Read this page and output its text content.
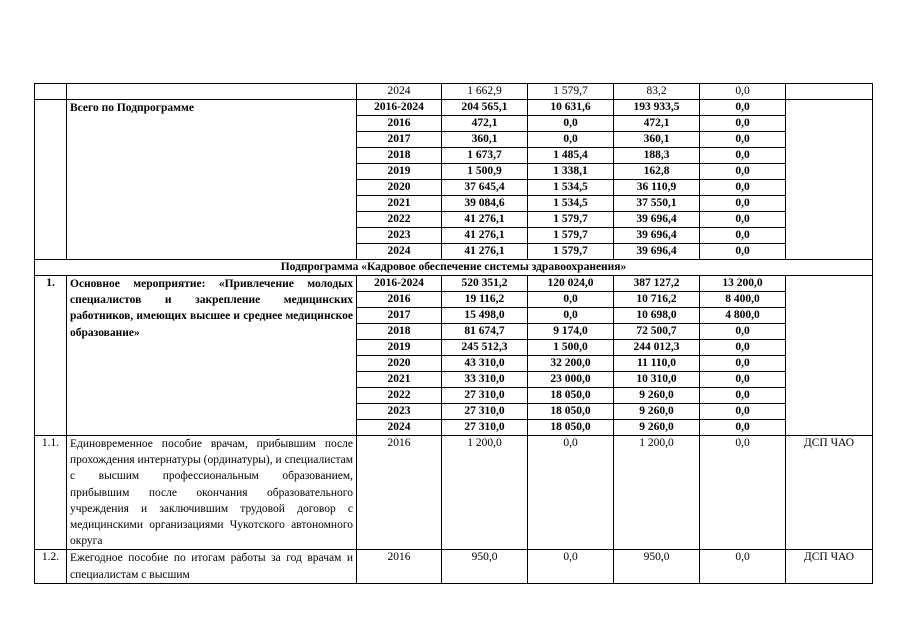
		2024	1 662,9	1 579,7	83,2	0,0	
	Всего по Подпрограмме	2016-2024	204 565,1	10 631,6	193 933,5	0,0	
		2016	472,1	0,0	472,1	0,0	
		2017	360,1	0,0	360,1	0,0	
		2018	1 673,7	1 485,4	188,3	0,0	
		2019	1 500,9	1 338,1	162,8	0,0	
		2020	37 645,4	1 534,5	36 110,9	0,0	
		2021	39 084,6	1 534,5	37 550,1	0,0	
		2022	41 276,1	1 579,7	39 696,4	0,0	
		2023	41 276,1	1 579,7	39 696,4	0,0	
		2024	41 276,1	1 579,7	39 696,4	0,0	
Подпрограмма «Кадровое обеспечение системы здравоохранения»							
1.	Основное мероприятие: «Привлечение молодых специалистов и закрепление медицинских работников, имеющих высшее и среднее медицинское образование»	2016-2024	520 351,2	120 024,0	387 127,2	13 200,0	
		2016	19 116,2	0,0	10 716,2	8 400,0	
		2017	15 498,0	0,0	10 698,0	4 800,0	
		2018	81 674,7	9 174,0	72 500,7	0,0	
		2019	245 512,3	1 500,0	244 012,3	0,0	
		2020	43 310,0	32 200,0	11 110,0	0,0	
		2021	33 310,0	23 000,0	10 310,0	0,0	
		2022	27 310,0	18 050,0	9 260,0	0,0	
		2023	27 310,0	18 050,0	9 260,0	0,0	
		2024	27 310,0	18 050,0	9 260,0	0,0	
1.1.	Единовременное пособие врачам, прибывшим после прохождения интернатуры (ординатуры), и специалистам с высшим профессиональным образованием, прибывшим после окончания образовательного учреждения и заключившим трудовой договор с медицинскими организациями Чукотского автономного округа	2016	1 200,0	0,0	1 200,0	0,0	ДСП ЧАО
1.2.	Ежегодное пособие по итогам работы за год врачам и специалистам с высшим	2016	950,0	0,0	950,0	0,0	ДСП ЧАО
